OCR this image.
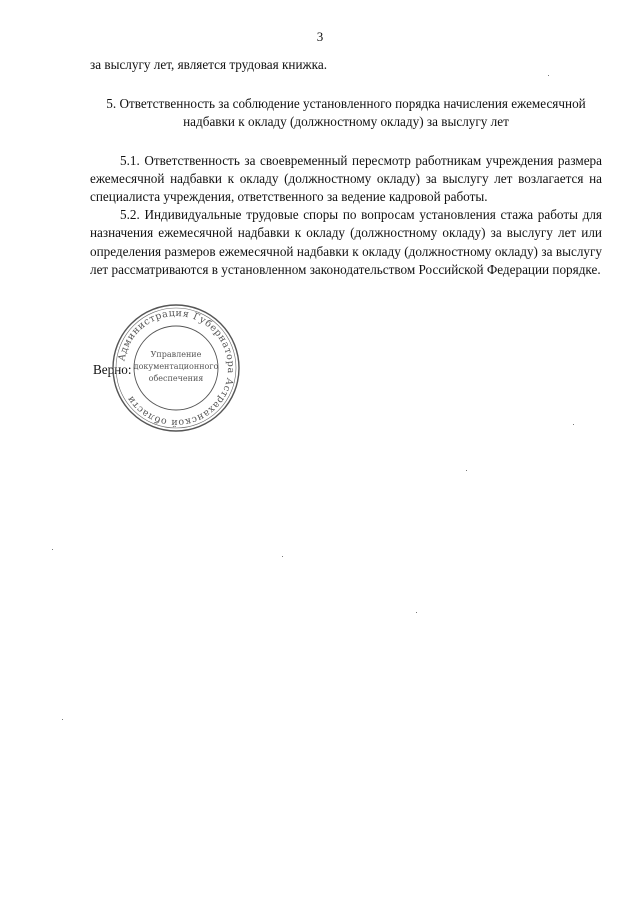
3

за выслугу лет, является трудовая книжка.

5. Ответственность за соблюдение установленного порядка начисления ежемесячной надбавки к окладу (должностному окладу) за выслугу лет

5.1. Ответственность за своевременный пересмотр работникам учреждения размера ежемесячной надбавки к окладу (должностному окладу) за выслугу лет возлагается на специалиста учреждения, ответственного за ведение кадровой работы.

5.2. Индивидуальные трудовые споры по вопросам установления стажа работы для назначения ежемесячной надбавки к окладу (должностному окладу) за выслугу лет или определения размеров ежемесячной надбавки к окладу (должностному окладу) за выслугу лет рассматриваются в установленном законодательством Российской Федерации порядке.

Верно:
Администрация Губернатора Астраханской области
Управление
документационного
обеспечения
